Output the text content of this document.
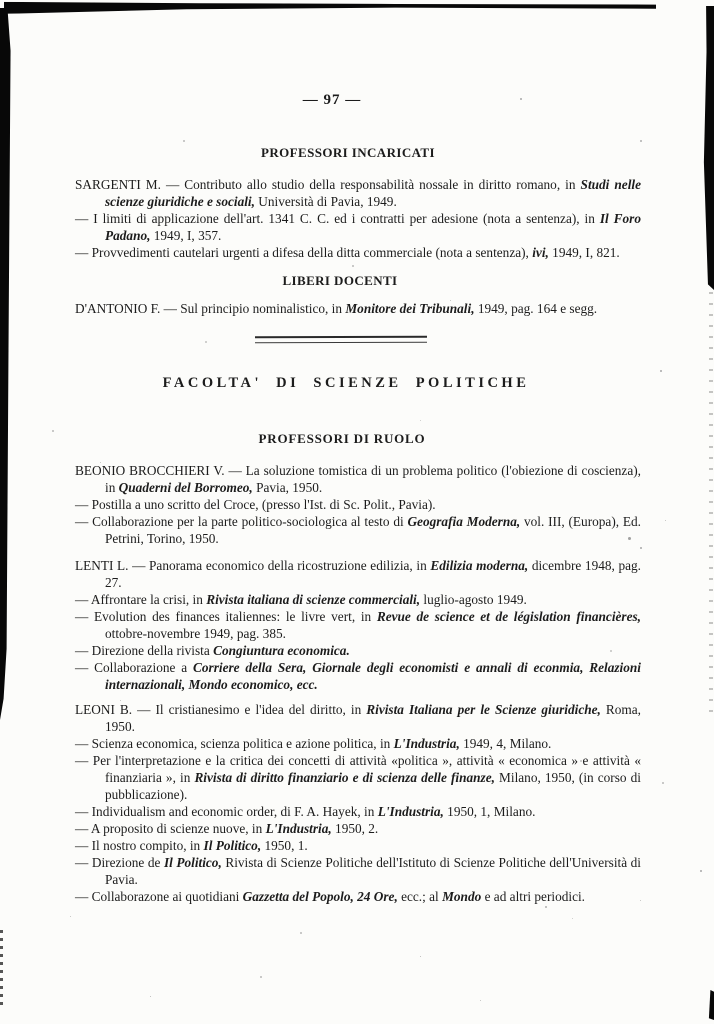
— 97 —
PROFESSORI INCARICATI

SARGENTI M. — Contributo allo studio della responsabilità nossale in diritto romano, in Studi nelle scienze giuridiche e sociali, Università di Pavia, 1949.

— I limiti di applicazione dell'art. 1341 C. C. ed i contratti per adesione (nota a sentenza), in Il Foro Padano, 1949, I, 357.

— Provvedimenti cautelari urgenti a difesa della ditta commerciale (nota a sentenza), ivi, 1949, I, 821.

LIBERI DOCENTI

D'ANTONIO F. — Sul principio nominalistico, in Monitore dei Tribunali, 1949, pag. 164 e segg.

FACOLTA' DI SCIENZE POLITICHE
PROFESSORI DI RUOLO

BEONIO BROCCHIERI V. — La soluzione tomistica di un problema politico (l'obiezione di coscienza), in Quaderni del Borromeo, Pavia, 1950.

— Postilla a uno scritto del Croce, (presso l'Ist. di Sc. Polit., Pavia).

— Collaborazione per la parte politico-sociologica al testo di Geografia Moderna, vol. III, (Europa), Ed. Petrini, Torino, 1950.

LENTI L. — Panorama economico della ricostruzione edilizia, in Edilizia moderna, dicembre 1948, pag. 27.

— Affrontare la crisi, in Rivista italiana di scienze commerciali, luglio-agosto 1949.

— Evolution des finances italiennes: le livre vert, in Revue de science et de législation financières, ottobre-novembre 1949, pag. 385.

— Direzione della rivista Congiuntura economica.

— Collaborazione a Corriere della Sera, Giornale degli economisti e annali di econmia, Relazioni internazionali, Mondo economico, ecc.

LEONI B. — Il cristianesimo e l'idea del diritto, in Rivista Italiana per le Scienze giuridiche, Roma, 1950.

— Scienza economica, scienza politica e azione politica, in L'Industria, 1949, 4, Milano.

— Per l'interpretazione e la critica dei concetti di attività «politica », attività « economica » e attività « finanziaria », in Rivista di diritto finanziario e di scienza delle finanze, Milano, 1950, (in corso di pubblicazione).

— Individualism and economic order, di F. A. Hayek, in L'Industria, 1950, 1, Milano.

— A proposito di scienze nuove, in L'Industria, 1950, 2.

— Il nostro compito, in Il Politico, 1950, 1.

— Direzione de Il Politico, Rivista di Scienze Politiche dell'Istituto di Scienze Politiche dell'Università di Pavia.

— Collaborazone ai quotidiani Gazzetta del Popolo, 24 Ore, ecc.; al Mondo e ad altri periodici.
